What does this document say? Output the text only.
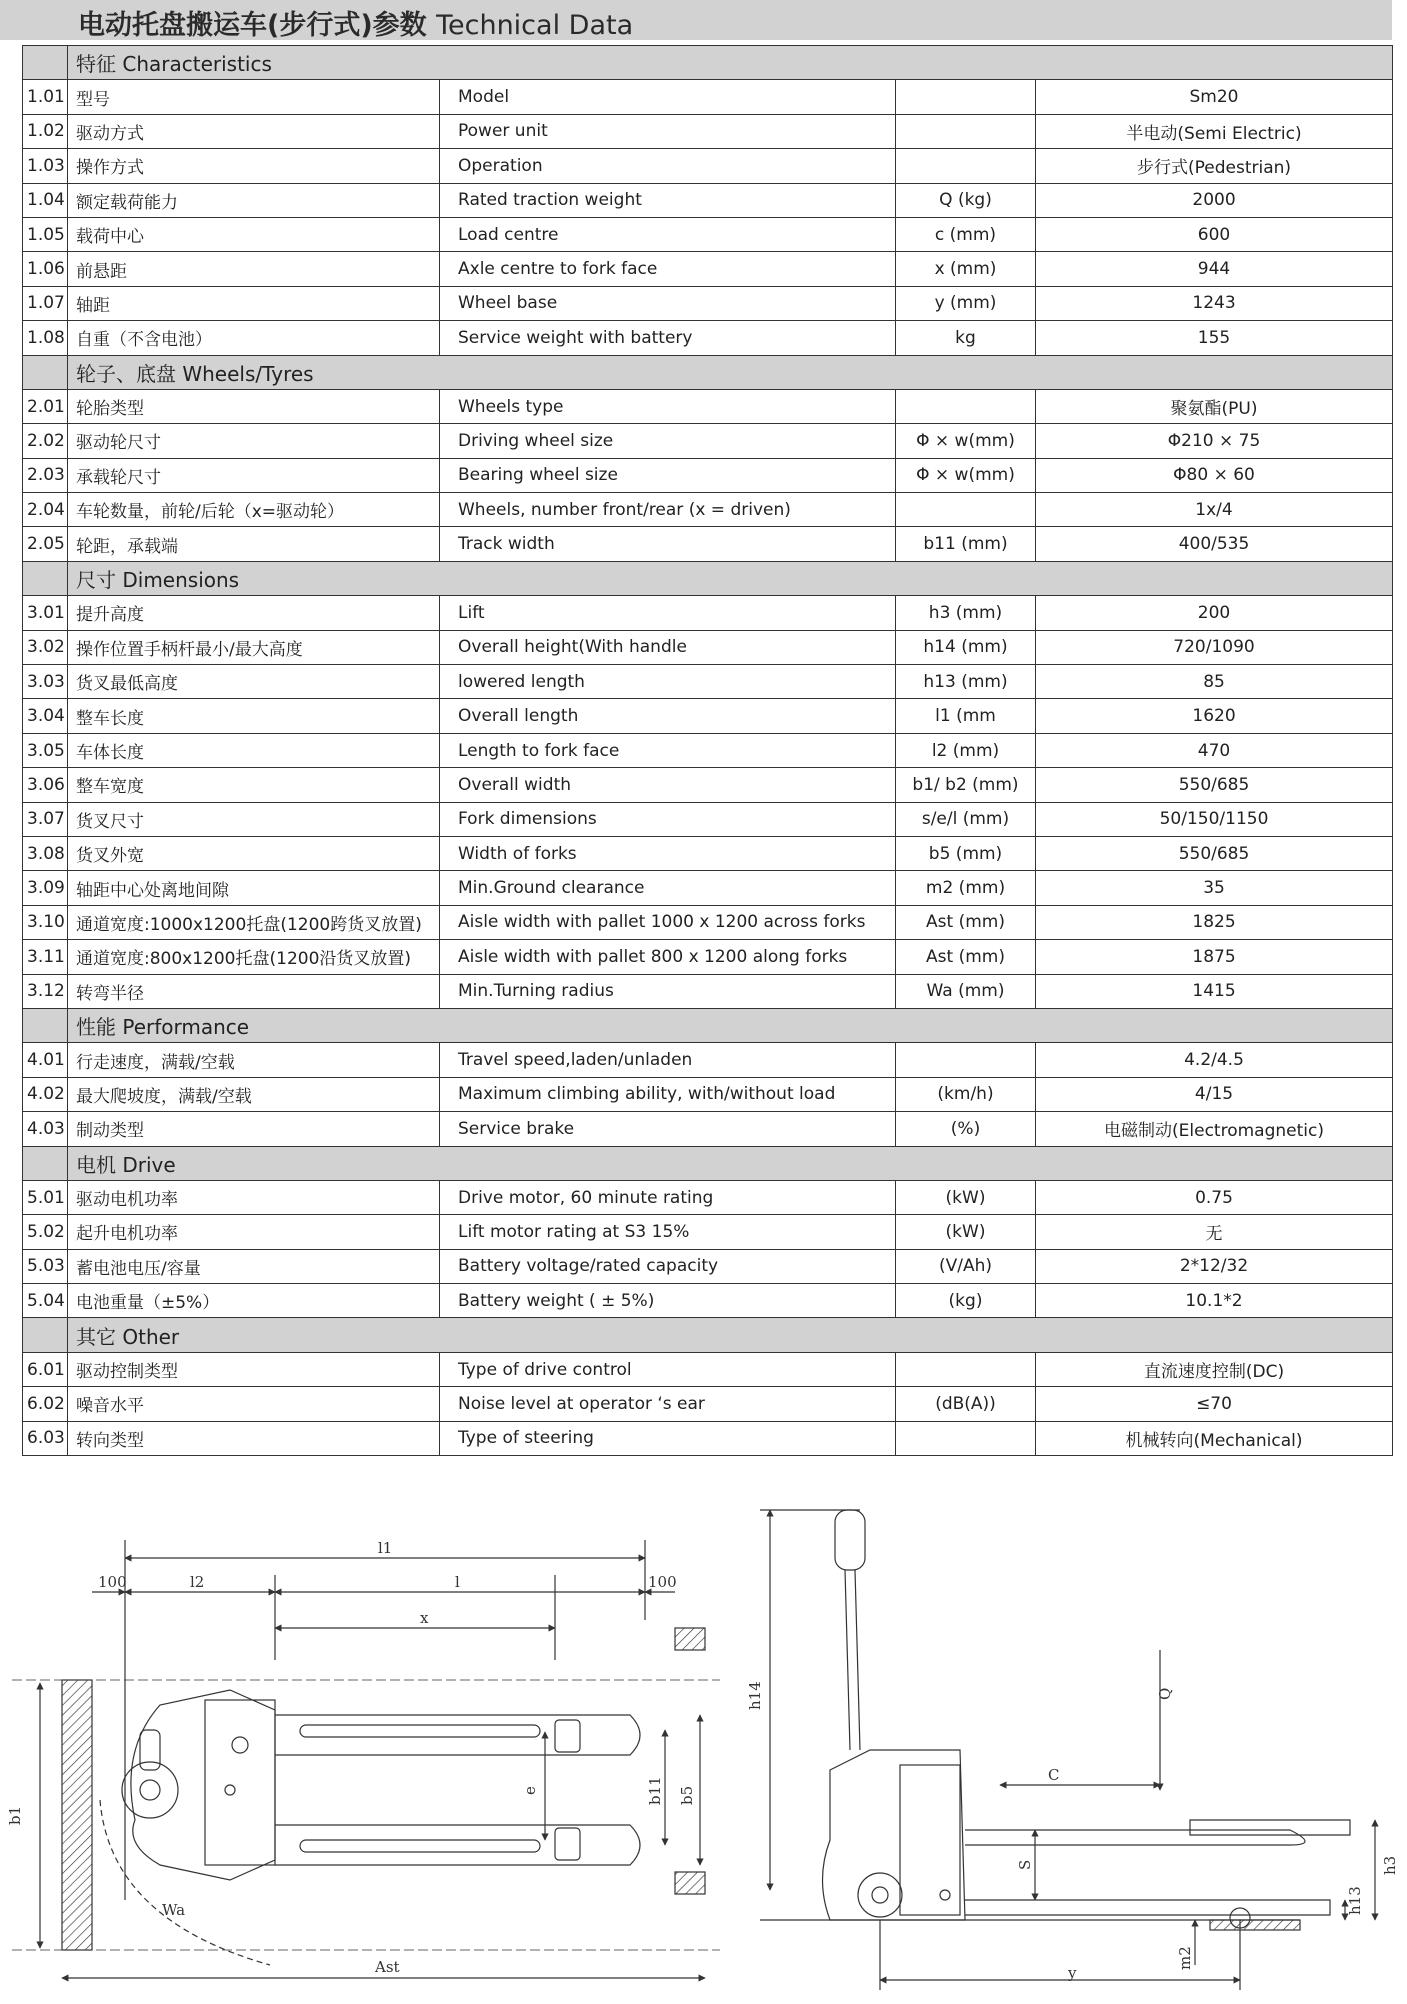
电动托盘搬运车(步行式)参数 Technical Data
	特征 Characteristics			
1.01	型号	Model		Sm20
1.02	驱动方式	Power unit		半电动(Semi Electric)
1.03	操作方式	Operation		步行式(Pedestrian)
1.04	额定载荷能力	Rated traction weight	Q (kg)	2000
1.05	载荷中心	Load centre	c (mm)	600
1.06	前悬距	Axle centre to fork face	x (mm)	944
1.07	轴距	Wheel base	y (mm)	1243
1.08	自重（不含电池）	Service weight with battery	kg	155
	轮子、底盘 Wheels/Tyres			
2.01	轮胎类型	Wheels type		聚氨酯(PU)
2.02	驱动轮尺寸	Driving wheel size	Φ × w(mm)	Φ210 × 75
2.03	承载轮尺寸	Bearing wheel size	Φ × w(mm)	Φ80 × 60
2.04	车轮数量，前轮/后轮（x=驱动轮）	Wheels, number front/rear (x = driven)		1x/4
2.05	轮距，承载端	Track width	b11 (mm)	400/535
	尺寸 Dimensions			
3.01	提升高度	Lift	h3 (mm)	200
3.02	操作位置手柄杆最小/最大高度	Overall height(With handle	h14 (mm)	720/1090
3.03	货叉最低高度	lowered length	h13 (mm)	85
3.04	整车长度	Overall length	l1 (mm	1620
3.05	车体长度	Length to fork face	l2 (mm)	470
3.06	整车宽度	Overall width	b1/ b2 (mm)	550/685
3.07	货叉尺寸	Fork dimensions	s/e/l (mm)	50/150/1150
3.08	货叉外宽	Width of forks	b5 (mm)	550/685
3.09	轴距中心处离地间隙	Min.Ground clearance	m2 (mm)	35
3.10	通道宽度:1000x1200托盘(1200跨货叉放置)	Aisle width with pallet 1000 x 1200 across forks	Ast (mm)	1825
3.11	通道宽度:800x1200托盘(1200沿货叉放置)	Aisle width with pallet 800 x 1200 along forks	Ast (mm)	1875
3.12	转弯半径	Min.Turning radius	Wa (mm)	1415
	性能 Performance			
4.01	行走速度，满载/空载	Travel speed,laden/unladen		4.2/4.5
4.02	最大爬坡度，满载/空载	Maximum climbing ability, with/without load	(km/h)	4/15
4.03	制动类型	Service brake	(%)	电磁制动(Electromagnetic)
	电机 Drive			
5.01	驱动电机功率	Drive motor, 60 minute rating	(kW)	0.75
5.02	起升电机功率	Lift motor rating at S3 15%	(kW)	无
5.03	蓄电池电压/容量	Battery voltage/rated capacity	(V/Ah)	2*12/32
5.04	电池重量（±5%）	Battery weight ( ± 5%)	(kg)	10.1*2
	其它 Other			
6.01	驱动控制类型	Type of drive control		直流速度控制(DC)
6.02	噪音水平	Noise level at operator ‘s ear	(dB(A))	≤70
6.03	转向类型	Type of steering		机械转向(Mechanical)
l1
100	l2	l	100
x
e
b1
b11 b5
Wa
Ast
h14
C
Q
S	h3
h13
m2
y
